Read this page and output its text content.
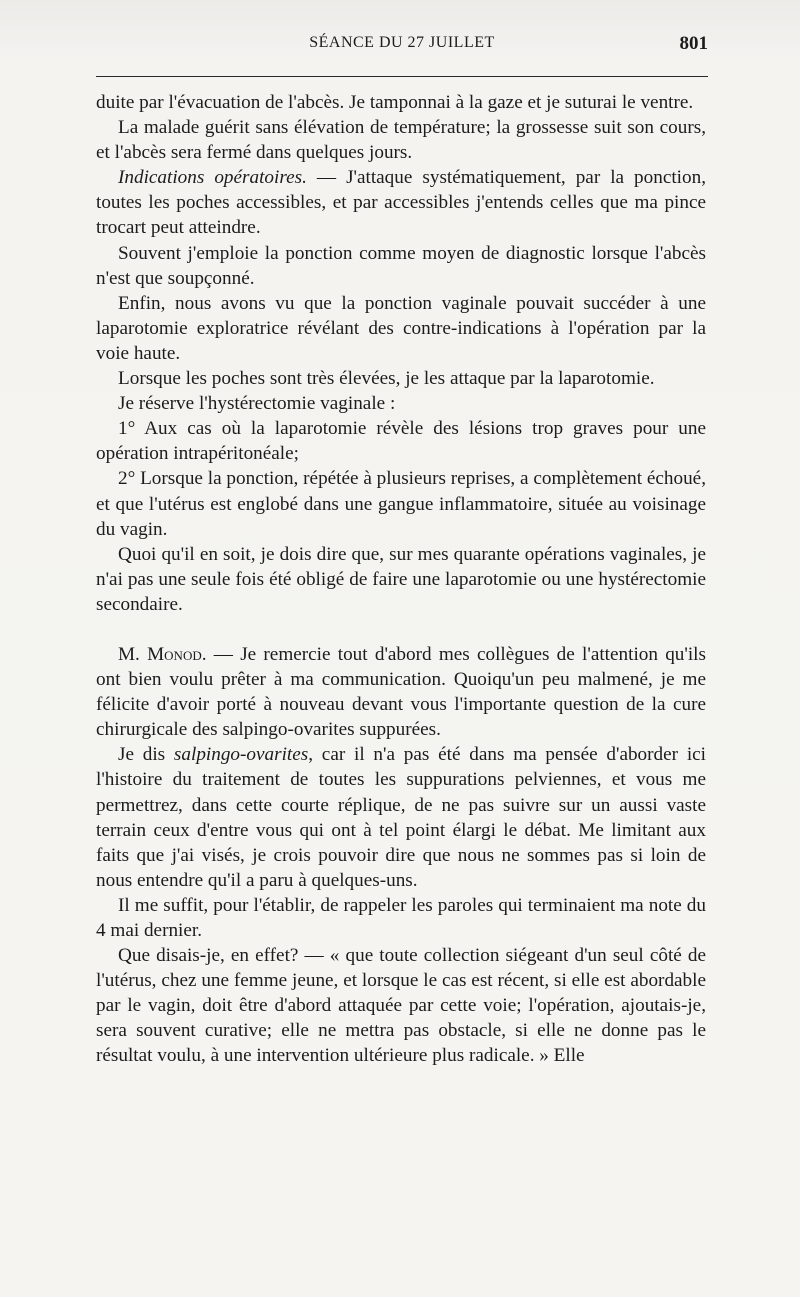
SÉANCE DU 27 JUILLET	801

duite par l'évacuation de l'abcès. Je tamponnai à la gaze et je suturai le ventre.

La malade guérit sans élévation de température; la grossesse suit son cours, et l'abcès sera fermé dans quelques jours.

Indications opératoires. — J'attaque systématiquement, par la ponction, toutes les poches accessibles, et par accessibles j'entends celles que ma pince trocart peut atteindre.

Souvent j'emploie la ponction comme moyen de diagnostic lorsque l'abcès n'est que soupçonné.

Enfin, nous avons vu que la ponction vaginale pouvait succéder à une laparotomie exploratrice révélant des contre-indications à l'opération par la voie haute.

Lorsque les poches sont très élevées, je les attaque par la laparotomie.

Je réserve l'hystérectomie vaginale :

1° Aux cas où la laparotomie révèle des lésions trop graves pour une opération intrapéritonéale;

2° Lorsque la ponction, répétée à plusieurs reprises, a complètement échoué, et que l'utérus est englobé dans une gangue inflammatoire, située au voisinage du vagin.

Quoi qu'il en soit, je dois dire que, sur mes quarante opérations vaginales, je n'ai pas une seule fois été obligé de faire une laparotomie ou une hystérectomie secondaire.

M. Monod. — Je remercie tout d'abord mes collègues de l'attention qu'ils ont bien voulu prêter à ma communication. Quoiqu'un peu malmené, je me félicite d'avoir porté à nouveau devant vous l'importante question de la cure chirurgicale des salpingo-ovarites suppurées.

Je dis salpingo-ovarites, car il n'a pas été dans ma pensée d'aborder ici l'histoire du traitement de toutes les suppurations pelviennes, et vous me permettrez, dans cette courte réplique, de ne pas suivre sur un aussi vaste terrain ceux d'entre vous qui ont à tel point élargi le débat. Me limitant aux faits que j'ai visés, je crois pouvoir dire que nous ne sommes pas si loin de nous entendre qu'il a paru à quelques-uns.

Il me suffit, pour l'établir, de rappeler les paroles qui terminaient ma note du 4 mai dernier.

Que disais-je, en effet? — « que toute collection siégeant d'un seul côté de l'utérus, chez une femme jeune, et lorsque le cas est récent, si elle est abordable par le vagin, doit être d'abord attaquée par cette voie; l'opération, ajoutais-je, sera souvent curative; elle ne mettra pas obstacle, si elle ne donne pas le résultat voulu, à une intervention ultérieure plus radicale. » Elle
